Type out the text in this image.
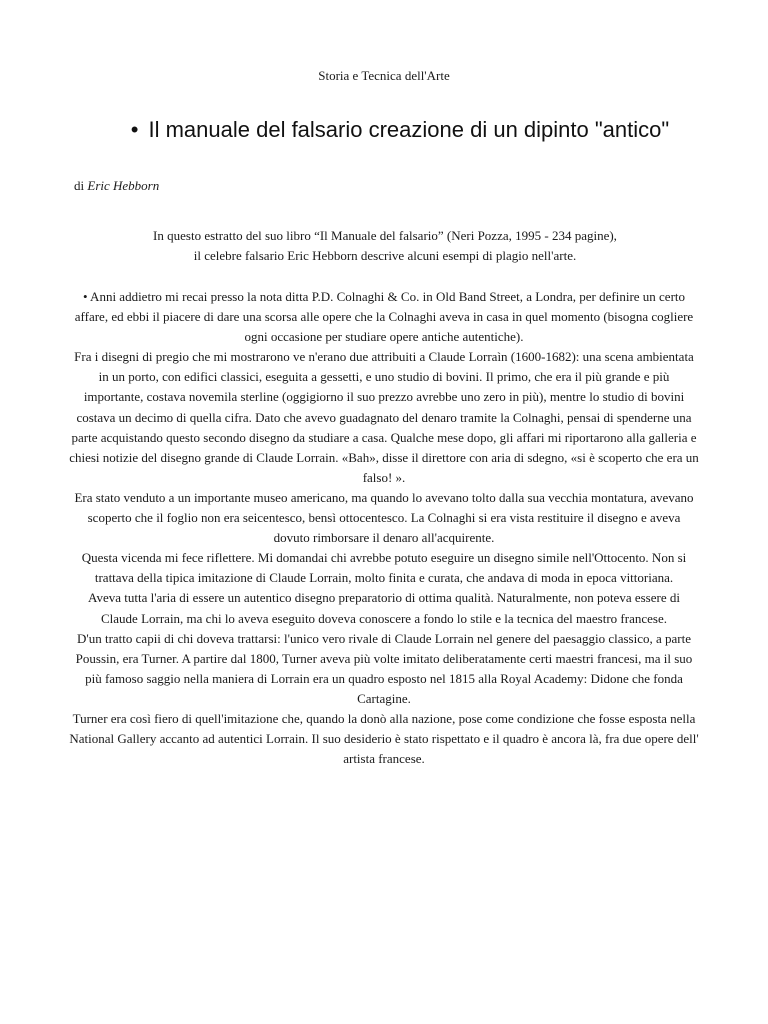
Storia e Tecnica dell'Arte
• Il manuale del falsario creazione di un dipinto "antico"
di Eric Hebborn

In questo estratto del suo libro “Il Manuale del falsario” (Neri Pozza, 1995 - 234 pagine),

il celebre falsario Eric Hebborn descrive alcuni esempi di plagio nell'arte.

• Anni addietro mi recai presso la nota ditta P.D. Colnaghi & Co. in Old Band Street, a Londra, per definire un certo affare, ed ebbi il piacere di dare una scorsa alle opere che la Colnaghi aveva in casa in quel momento (bisogna cogliere ogni occasione per studiare opere antiche autentiche).

Fra i disegni di pregio che mi mostrarono ve n'erano due attribuiti a Claude Lorraìn (1600-1682): una scena ambientata in un porto, con edifici classici, eseguita a gessetti, e uno studio di bovini. Il primo, che era il più grande e più importante, costava novemila sterline (oggigiorno il suo prezzo avrebbe uno zero in più), mentre lo studio di bovini costava un decimo di quella cifra. Dato che avevo guadagnato del denaro tramite la Colnaghi, pensai di spenderne una parte acquistando questo secondo disegno da studiare a casa. Qualche mese dopo, gli affari mi riportarono alla galleria e chiesi notizie del disegno grande di Claude Lorrain. «Bah», disse il direttore con aria di sdegno, «si è scoperto che era un falso! ».

Era stato venduto a un importante museo americano, ma quando lo avevano tolto dalla sua vecchia montatura, avevano scoperto che il foglio non era seicentesco, bensì ottocentesco. La Colnaghi si era vista restituire il disegno e aveva dovuto rimborsare il denaro all'acquirente.

Questa vicenda mi fece riflettere. Mi domandai chi avrebbe potuto eseguire un disegno simile nell'Ottocento. Non si trattava della tipica imitazione di Claude Lorrain, molto finita e curata, che andava di moda in epoca vittoriana.

Aveva tutta l'aria di essere un autentico disegno preparatorio di ottima qualità. Naturalmente, non poteva essere di Claude Lorrain, ma chi lo aveva eseguito doveva conoscere a fondo lo stile e la tecnica del maestro francese.

D'un tratto capii di chi doveva trattarsi: l'unico vero rivale di Claude Lorrain nel genere del paesaggio classico, a parte Poussin, era Turner. A partire dal 1800, Turner aveva più volte imitato deliberatamente certi maestri francesi, ma il suo più famoso saggio nella maniera di Lorrain era un quadro esposto nel 1815 alla Royal Academy: Didone che fonda Cartagine.

Turner era così fiero di quell'imitazione che, quando la donò alla nazione, pose come condizione che fosse esposta nella National Gallery accanto ad autentici Lorrain. Il suo desiderio è stato rispettato e il quadro è ancora là, fra due opere dell' artista francese.
